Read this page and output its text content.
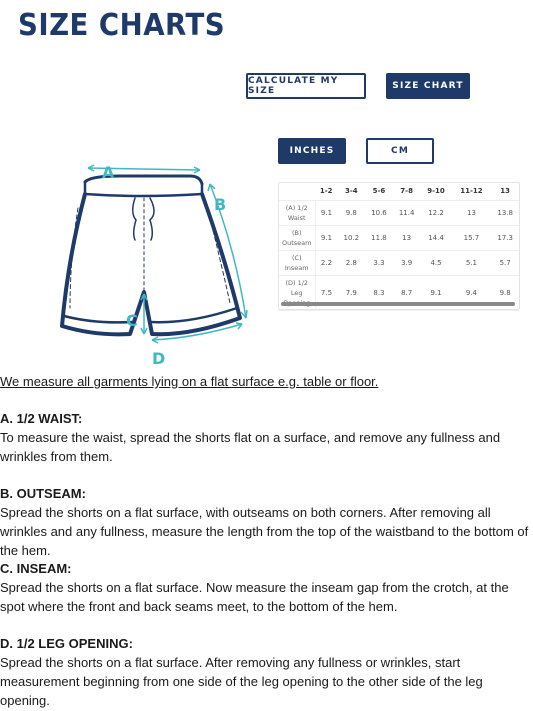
SIZE CHARTS
CALCULATE MY SIZE	SIZE CHART
INCHES	CM
A
B
C
D
	1-2	3-4	5-6	7-8	9-10	11-12	13

(A) 1/2
Waist	9.1	9.8	10.6	11.4	12.2	13	13.8

(B)
Outseam	9.1	10.2	11.8	13	14.4	15.7	17.3

(C)
Inseam	2.2	2.8	3.3	3.9	4.5	5.1	5.7

(D) 1/2
Leg	7.5	7.9	8.3	8.7	9.1	9.4	9.8
We measure all garments lying on a flat surface e.g. table or floor.
A. 1/2 WAIST:
To measure the waist, spread the shorts flat on a surface, and remove any fullness and wrinkles from them.
B. OUTSEAM:
Spread the shorts on a flat surface, with outseams on both corners. After removing all wrinkles and any fullness, measure the length from the top of the waistband to the bottom of the hem.
C. INSEAM:
Spread the shorts on a flat surface. Now measure the inseam gap from the crotch, at the spot where the front and back seams meet, to the bottom of the hem.
D. 1/2 LEG OPENING:
Spread the shorts on a flat surface. After removing any fullness or wrinkles, start measurement beginning from one side of the leg opening to the other side of the leg opening.
